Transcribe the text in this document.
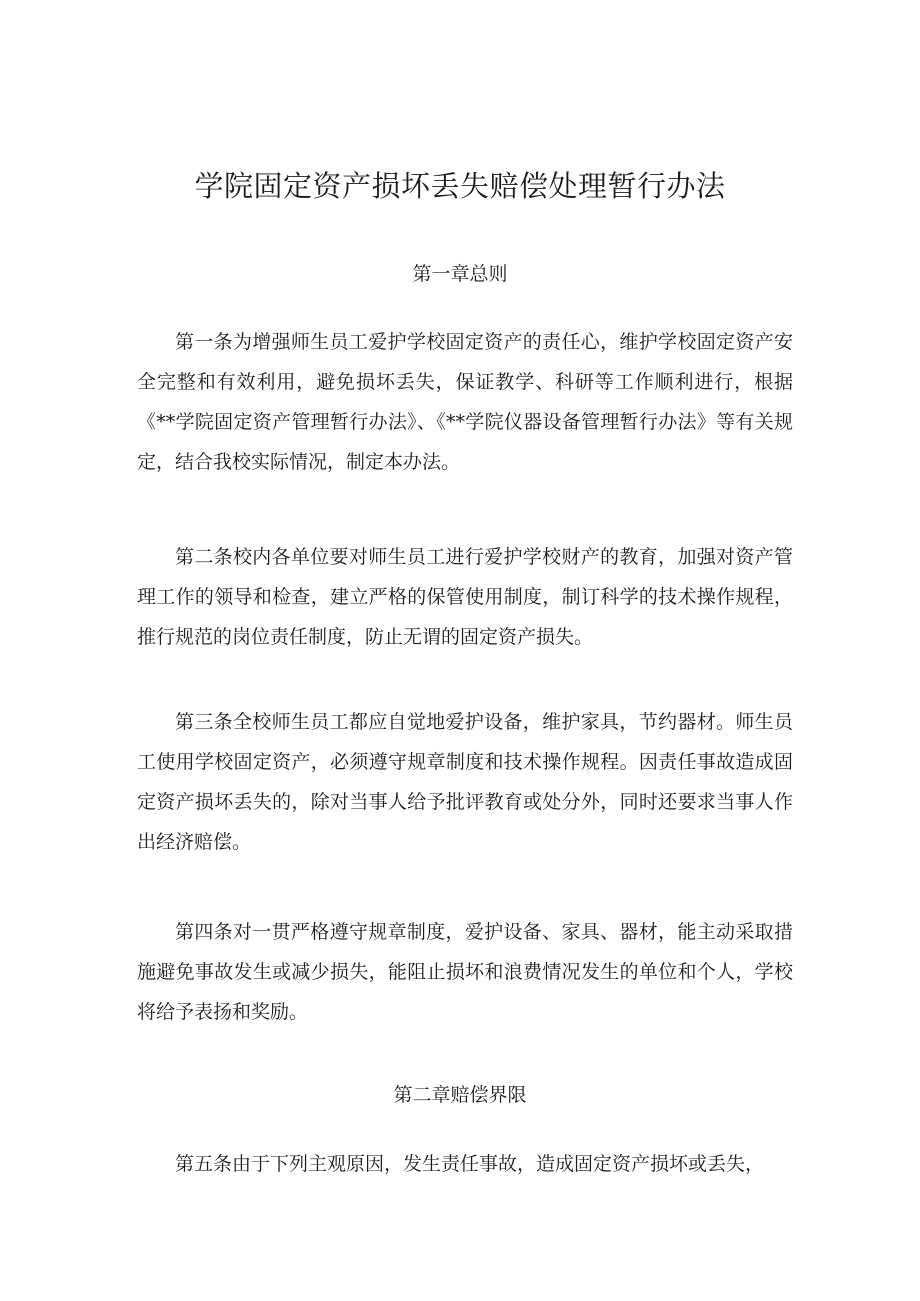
学院固定资产损坏丢失赔偿处理暂行办法
第一章总则

第一条为增强师生员工爱护学校固定资产的责任心，维护学校固定资产安全完整和有效利用，避免损坏丢失，保证教学、科研等工作顺利进行，根据《**学院固定资产管理暂行办法》、《**学院仪器设备管理暂行办法》等有关规定，结合我校实际情况，制定本办法。

第二条校内各单位要对师生员工进行爱护学校财产的教育，加强对资产管理工作的领导和检查，建立严格的保管使用制度，制订科学的技术操作规程，推行规范的岗位责任制度，防止无谓的固定资产损失。

第三条全校师生员工都应自觉地爱护设备，维护家具，节约器材。师生员工使用学校固定资产，必须遵守规章制度和技术操作规程。因责任事故造成固定资产损坏丢失的，除对当事人给予批评教育或处分外，同时还要求当事人作出经济赔偿。

第四条对一贯严格遵守规章制度，爱护设备、家具、器材，能主动采取措施避免事故发生或减少损失，能阻止损坏和浪费情况发生的单位和个人，学校将给予表扬和奖励。

第二章赔偿界限

第五条由于下列主观原因，发生责任事故，造成固定资产损坏或丢失，
